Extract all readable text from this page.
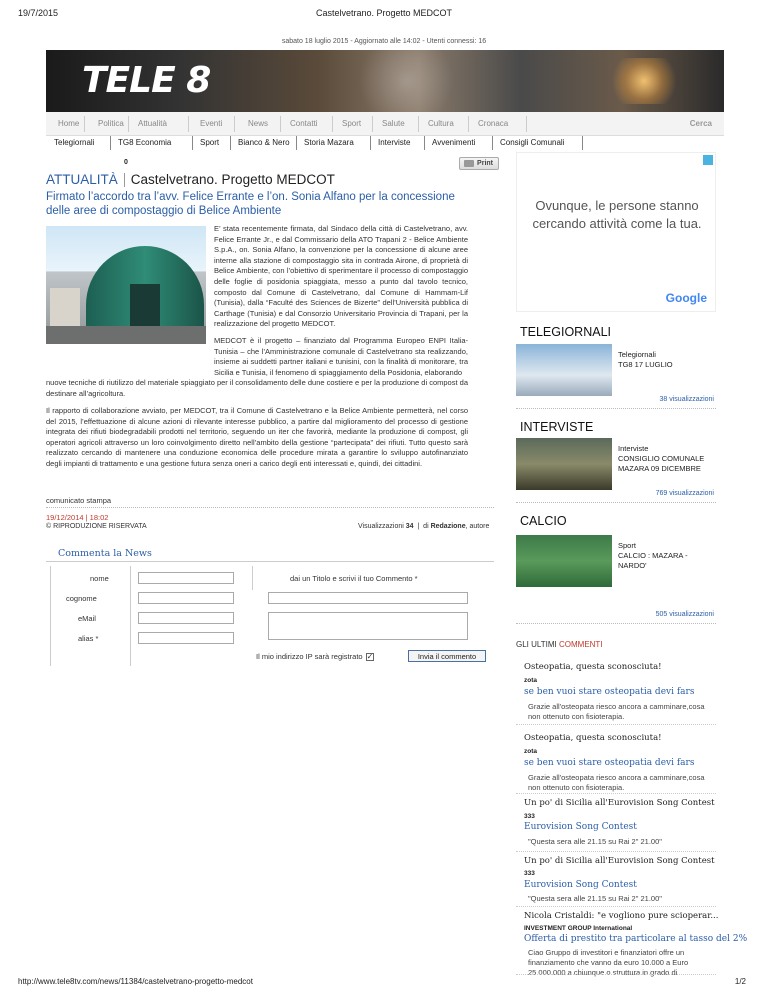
19/7/2015	Castelvetrano. Progetto MEDCOT
sabato 18 luglio 2015 - Aggiornato alle 14:02 - Utenti connessi: 16
TELE 8
Home Politica Attualità	Eventi	News	Contatti	Sport	Salute	Cultura	Cronaca	Cerca
Telegiornali	TG8 Economia	Sport Bianco & Nero Storia Mazara	Interviste	Avvenimenti	Consigli Comunali
0	Print
ATTUALITÀ Castelvetrano. Progetto MEDCOT
Firmato l’accordo tra l’avv. Felice Errante e l’on. Sonia Alfano per la concessione delle aree di compostaggio di Belice Ambiente
E’ stata recentemente firmata, dal Sindaco della città di Castelvetrano, avv. Felice Errante Jr., e dal Commissario della ATO Trapani 2 - Belice Ambiente S.p.A., on. Sonia Alfano, la convenzione per la concessione di alcune aree interne alla stazione di compostaggio sita in contrada Airone, di proprietà di Belice Ambiente, con l’obiettivo di sperimentare il processo di compostaggio delle foglie di posidonia spiaggiata, messo a punto dal tavolo tecnico, composto dal Comune di Castelvetrano, dal Comune di Hammam-Lif (Tunisia), dalla “Faculté des Sciences de Bizerte” dell’Università pubblica di Carthage (Tunisia) e dal Consorzio Universitario Provincia di Trapani, per la realizzazione del progetto MEDCOT.
MEDCOT è il progetto – finanziato dal Programma Europeo ENPI Italia-Tunisia – che l’Amministrazione comunale di Castelvetrano sta realizzando, insieme ai suddetti partner italiani e tunisini, con la finalità di monitorare, tra Sicilia e Tunisia, il fenomeno di spiaggiamento della Posidonia, elaborando
nuove tecniche di riutilizzo del materiale spiaggiato per il consolidamento delle dune costiere e per la produzione di compost da destinare all’agricoltura.
Il rapporto di collaborazione avviato, per MEDCOT, tra il Comune di Castelvetrano e la Belice Ambiente permetterà, nel corso del 2015, l’effettuazione di alcune azioni di rilevante interesse pubblico, a partire dal miglioramento del processo di gestione integrata dei rifiuti biodegradabili prodotti nel territorio, seguendo un iter che favorirà, mediante la produzione di compost, gli operatori agricoli attraverso un loro coinvolgimento diretto nell’ambito della gestione “partecipata” dei rifiuti. Tutto questo sarà realizzato cercando di mantenere una conduzione economica delle procedure mirata a garantire lo sviluppo autofinanziato degli impianti di trattamento e una gestione futura senza oneri a carico degli enti interessati e, quindi, dei cittadini.
comunicato stampa
19/12/2014 | 18:02
© RIPRODUZIONE RISERVATA	Visualizzazioni 34  |  di Redazione, autore
Commenta la News
nome	dai un Titolo e scrivi il tuo Commento *
cognome
eMail
alias *
Il mio indirizzo IP sarà registrato ✓	Invia il commento
Ovunque, le persone stanno cercando attività come la tua.
Google
TELEGIORNALI
Telegiornali
TG8 17 LUGLIO
38 visualizzazioni
INTERVISTE
Interviste
CONSIGLIO COMUNALE MAZARA 09 DICEMBRE
769 visualizzazioni
CALCIO
Sport
CALCIO : MAZARA - NARDO'
505 visualizzazioni
GLI ULTIMI COMMENTI
Osteopatia, questa sconosciuta!
zota
se ben vuoi stare osteopatia devi fars
Grazie all'osteopata riesco ancora a camminare,cosa non ottenuto con fisioterapia.
Osteopatia, questa sconosciuta!
zota
se ben vuoi stare osteopatia devi fars
Grazie all'osteopata riesco ancora a camminare,cosa non ottenuto con fisioterapia.
Un po' di Sicilia all'Eurovision Song Contest
333
Eurovision Song Contest
"Questa sera alle 21.15 su Rai 2" 21.00"
Un po' di Sicilia all'Eurovision Song Contest
333
Eurovision Song Contest
"Questa sera alle 21.15 su Rai 2" 21.00"
Nicola Cristaldi: "e vogliono pure scioperar...
INVESTMENT GROUP International
Offerta di prestito tra particolare al tasso del 2%
Ciao Gruppo di investitori e finanziatori offre un finanziamento che vanno da euro 10.000 a Euro 25.000.000 a chiunque o struttura in grado di
http://www.tele8tv.com/news/11384/castelvetrano-progetto-medcot	1/2
